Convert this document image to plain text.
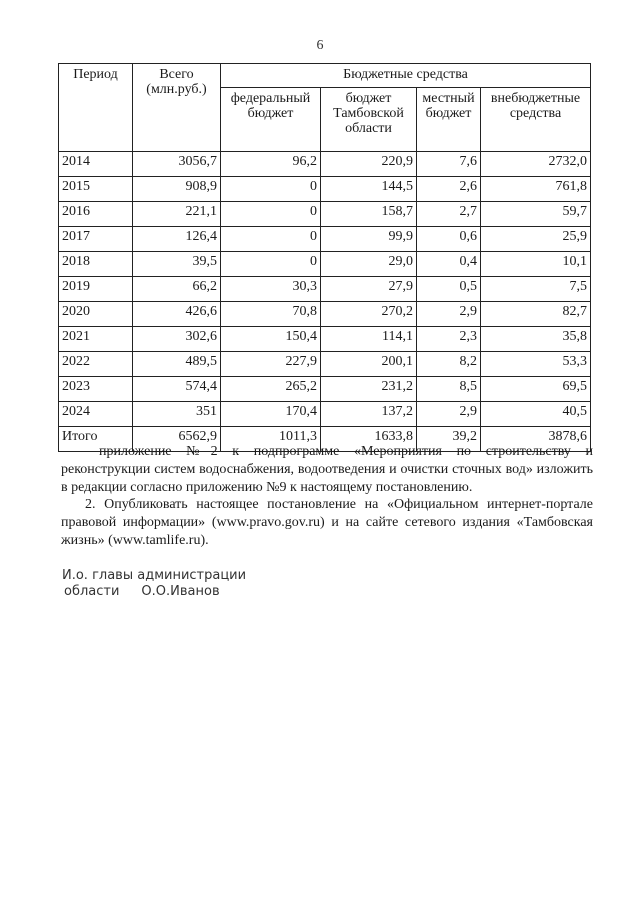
6
Период	Всего (млн.руб.)	Бюджетные средства			
		федеральный бюджет	бюджет Тамбовской области	местный бюджет	внебюджетные средства
2014	3056,7	96,2	220,9	7,6	2732,0
2015	908,9	0	144,5	2,6	761,8
2016	221,1	0	158,7	2,7	59,7
2017	126,4	0	99,9	0,6	25,9
2018	39,5	0	29,0	0,4	10,1
2019	66,2	30,3	27,9	0,5	7,5
2020	426,6	70,8	270,2	2,9	82,7
2021	302,6	150,4	114,1	2,3	35,8
2022	489,5	227,9	200,1	8,2	53,3
2023	574,4	265,2	231,2	8,5	69,5
2024	351	170,4	137,2	2,9	40,5
Итого	6562,9	1011,3	1633,8	39,2	3878,6

приложение №2 к подпрограмме «Мероприятия по строительству и реконструкции систем водоснабжения, водоотведения и очистки сточных вод» изложить в редакции согласно приложению №9 к настоящему постановлению.

2. Опубликовать настоящее постановление на «Официальном интернет-портале правовой информации» (www.pravo.gov.ru) и на сайте сетевого издания «Тамбовская жизнь» (www.tamlife.ru).

И.о. главы администрации
области О.О.Иванов
